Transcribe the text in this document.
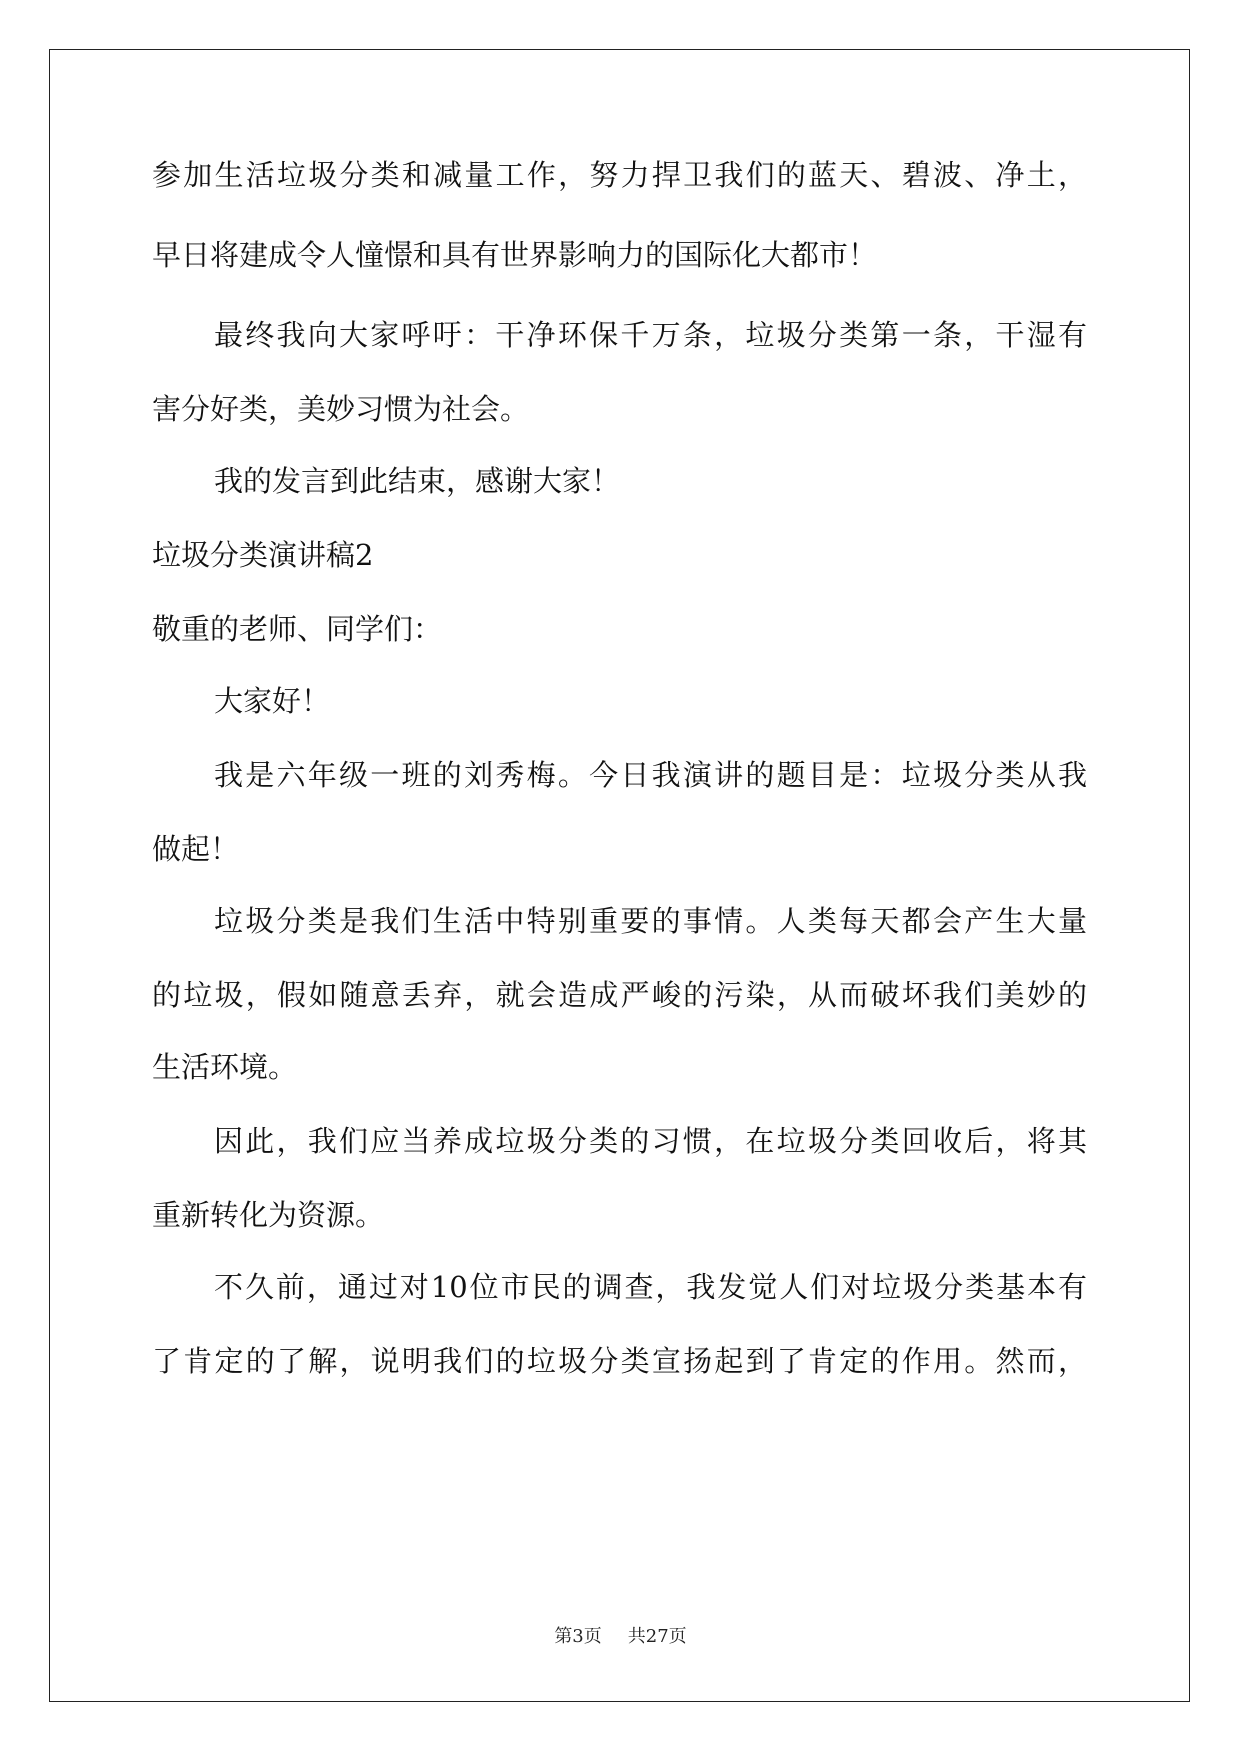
参加生活垃圾分类和减量工作，努力捍卫我们的蓝天、碧波、净土，
早日将建成令人憧憬和具有世界影响力的国际化大都市！
最终我向大家呼吁：干净环保千万条，垃圾分类第一条，干湿有
害分好类，美妙习惯为社会。
我的发言到此结束，感谢大家！
垃圾分类演讲稿2
敬重的老师、同学们：
大家好！
我是六年级一班的刘秀梅。今日我演讲的题目是：垃圾分类从我
做起！
垃圾分类是我们生活中特别重要的事情。人类每天都会产生大量
的垃圾，假如随意丢弃，就会造成严峻的污染，从而破坏我们美妙的
生活环境。
因此，我们应当养成垃圾分类的习惯，在垃圾分类回收后，将其
重新转化为资源。
不久前，通过对10位市民的调查，我发觉人们对垃圾分类基本有
了肯定的了解，说明我们的垃圾分类宣扬起到了肯定的作用。然而，
第3页 共27页
